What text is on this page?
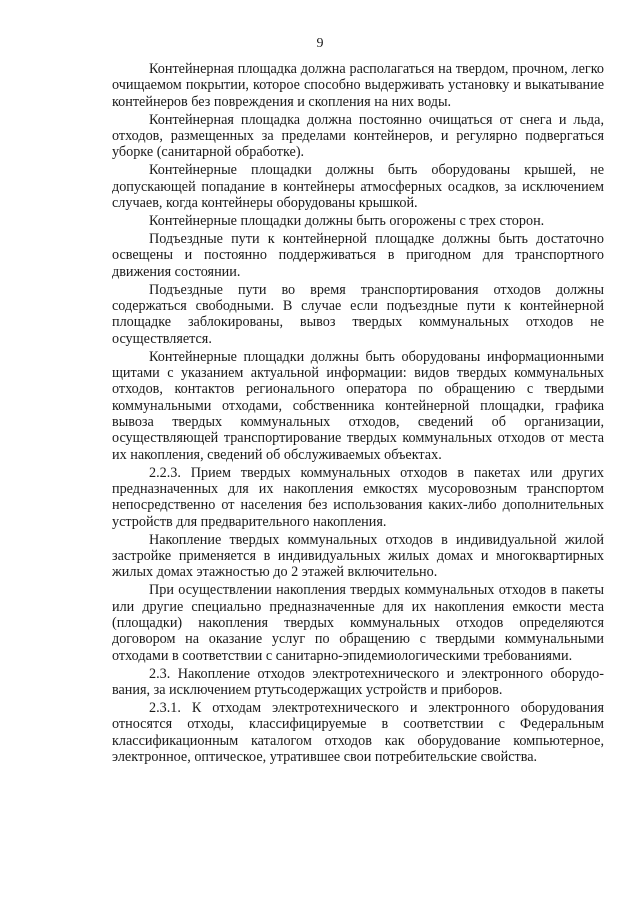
9

Контейнерная площадка должна располагаться на твердом, прочном, легко очищаемом покрытии, которое способно выдерживать установку и выкатывание контейнеров без повреждения и скопления на них воды.

Контейнерная площадка должна постоянно очищаться от снега и льда, отходов, размещенных за пределами контейнеров, и регулярно подвергаться уборке (санитарной обработке).

Контейнерные площадки должны быть оборудованы крышей, не допускающей попадание в контейнеры атмосферных осадков, за исключением случаев, когда контейнеры оборудованы крышкой.

Контейнерные площадки должны быть огорожены с трех сторон.

Подъездные пути к контейнерной площадке должны быть достаточно освещены и постоянно поддерживаться в пригодном для транспортного движения состоянии.

Подъездные пути во время транспортирования отходов должны содержаться свободными. В случае если подъездные пути к контейнерной площадке заблокированы, вывоз твердых коммунальных отходов не осуществляется.

Контейнерные площадки должны быть оборудованы информационными щитами с указанием актуальной информации: видов твердых коммунальных отходов, контактов регионального оператора по обращению с твердыми коммунальными отходами, собственника контейнерной площадки, графика вывоза твердых коммунальных отходов, сведений об организации, осуществляющей транспортирование твердых коммунальных отходов от места их накопления, сведений об обслуживаемых объектах.

2.2.3. Прием твердых коммунальных отходов в пакетах или других предназначенных для их накопления емкостях мусоровозным транспортом непосредственно от населения без использования каких-либо дополнительных устройств для предварительного накопления.

Накопление твердых коммунальных отходов в индивидуальной жилой застройке применяется в индивидуальных жилых домах и многоквартирных жилых домах этажностью до 2 этажей включительно.

При осуществлении накопления твердых коммунальных отходов в пакеты или другие специально предназначенные для их накопления емкости места (площадки) накопления твердых коммунальных отходов определяются договором на оказание услуг по обращению с твердыми коммунальными отходами в соответствии с санитарно-эпидемиологическими требованиями.

2.3. Накопление отходов электротехнического и электронного оборудования, за исключением ртутьсодержащих устройств и приборов.

2.3.1. К отходам электротехнического и электронного оборудования относятся отходы, классифицируемые в соответствии с Федеральным классификационным каталогом отходов как оборудование компьютерное, электронное, оптическое, утратившее свои потребительские свойства.
